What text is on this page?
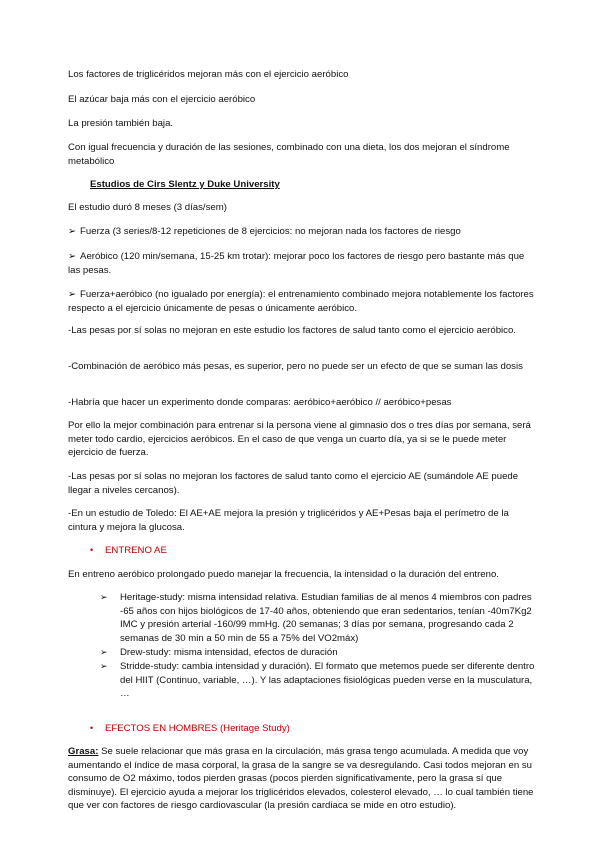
Los factores de triglicéridos mejoran más con el ejercicio aeróbico

El azúcar baja más con el ejercicio aeróbico

La presión también baja.

Con igual frecuencia y duración de las sesiones, combinado con una dieta, los dos mejoran el síndrome metabólico

Estudios de Cirs Slentz y Duke University

El estudio duró 8 meses (3 días/sem)

➢ Fuerza (3 series/8-12 repeticiones de 8 ejercicios: no mejoran nada los factores de riesgo

➢ Aeróbico (120 min/semana, 15-25 km trotar): mejorar poco los factores de riesgo pero bastante más que las pesas.

➢ Fuerza+aeróbico (no igualado por energía): el entrenamiento combinado mejora notablemente los factores respecto a el ejercicio únicamente de pesas o únicamente aeróbico.

-Las pesas por sí solas no mejoran en este estudio los factores de salud tanto como el ejercicio aeróbico.

-Combinación de aeróbico más pesas, es superior, pero no puede ser un efecto de que se suman las dosis

-Habría que hacer un experimento donde comparas: aeróbico+aeróbico // aeróbico+pesas

Por ello la mejor combinación para entrenar si la persona viene al gimnasio dos o tres días por semana, será meter todo cardio, ejercicios aeróbicos. En el caso de que venga un cuarto día, ya si se le puede meter ejercicio de fuerza.

-Las pesas por sí solas no mejoran los factores de salud tanto como el ejercicio AE (sumándole AE puede llegar a niveles cercanos).

-En un estudio de Toledo: El AE+AE mejora la presión y triglicéridos y AE+Pesas baja el perímetro de la cintura y mejora la glucosa.

• ENTRENO AE

En entreno aeróbico prolongado puedo manejar la frecuencia, la intensidad o la duración del entreno.

➢ Heritage-study: misma intensidad relativa. Estudian familias de al menos 4 miembros con padres -65 años con hijos biológicos de 17-40 años, obteniendo que eran sedentarios, tenían -40m7Kg2 IMC y presión arterial -160/99 mmHg. (20 semanas; 3 días por semana, progresando cada 2 semanas de 30 min a 50 min de 55 a 75% del VO2máx)
➢ Drew-study: misma intensidad, efectos de duración
➢ Stridde-study: cambia intensidad y duración). El formato que metemos puede ser diferente dentro del HIIT (Continuo, variable, …). Y las adaptaciones fisiológicas pueden verse en la musculatura, …
• EFECTOS EN HOMBRES (Heritage Study)

Grasa: Se suele relacionar que más grasa en la circulación, más grasa tengo acumulada. A medida que voy aumentando el índice de masa corporal, la grasa de la sangre se va desregulando. Casi todos mejoran en su consumo de O2 máximo, todos pierden grasas (pocos pierden significativamente, pero la grasa sí que disminuye). El ejercicio ayuda a mejorar los triglicéridos elevados, colesterol elevado, … lo cual también tiene que ver con factores de riesgo cardiovascular (la presión cardiaca se mide en otro estudio).
